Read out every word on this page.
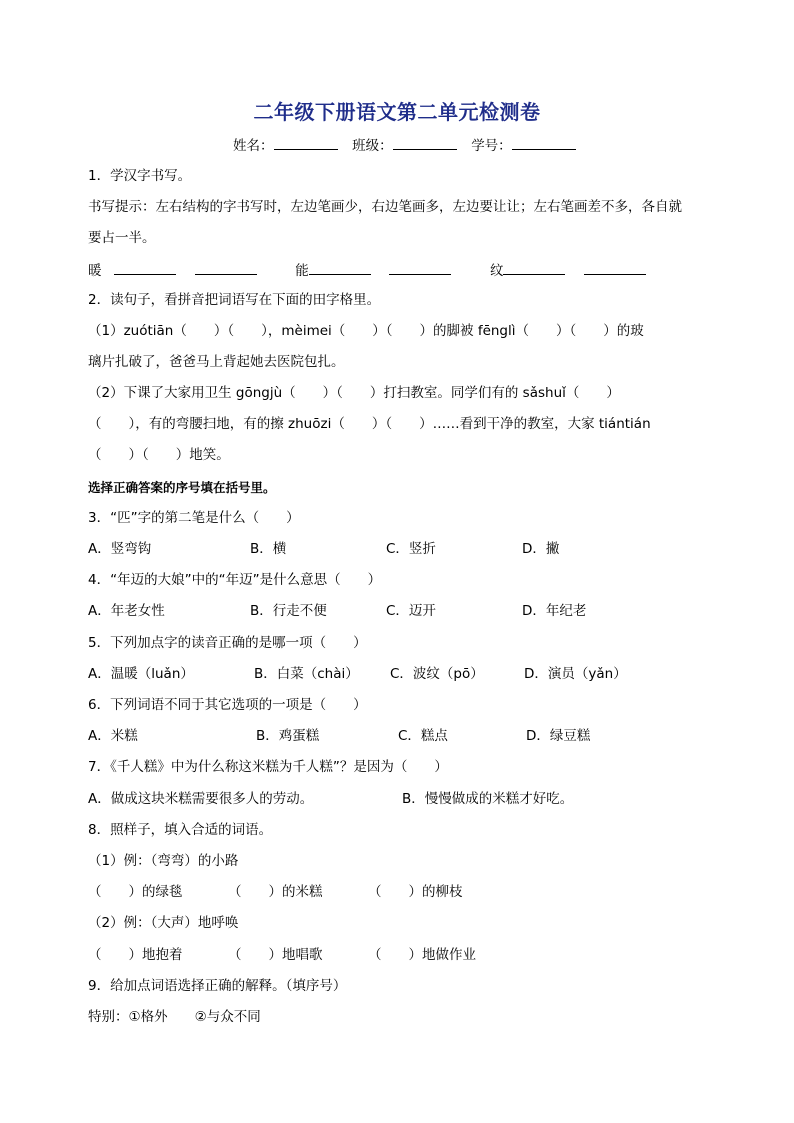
二年级下册语文第二单元检测卷
姓名：	班级：	学号：
1．学汉字书写。
书写提示：左右结构的字书写时，左边笔画少，右边笔画多，左边要让让；左右笔画差不多，各自就
要占一半。
暖	能	纹
2．读句子，看拼音把词语写在下面的田字格里。
（1）zuótiān（　　）（　　），mèimei（　　）（　　）的脚被 fēnglì（　　）（　　）的玻
璃片扎破了，爸爸马上背起她去医院包扎。
（2）下课了大家用卫生 gōngjù（　　）（　　）打扫教室。同学们有的 sǎshuǐ（　　）
（　　），有的弯腰扫地，有的擦 zhuōzi（　　）（　　）……看到干净的教室，大家 tiántián
（　　）（　　）地笑。
选择正确答案的序号填在括号里。
3．“匹”字的第二笔是什么（　　）
A．竖弯钩	B．横	C．竖折	D．撇
4．“年迈的大娘”中的“年迈”是什么意思（　　）
A．年老女性	B．行走不便	C．迈开	D．年纪老
5．下列加点字的读音正确的是哪一项（　　）
A．温暖（luǎn）	B．白菜（chài） C．波纹（pō）	D．演员（yǎn）
6．下列词语不同于其它选项的一项是（　　）
A．米糕	B．鸡蛋糕	C．糕点	D．绿豆糕
7．《千人糕》中为什么称这米糕为千人糕”？是因为（　　）
A．做成这块米糕需要很多人的劳动。	B．慢慢做成的米糕才好吃。
8．照样子，填入合适的词语。
（1）例：（弯弯）的小路
（　　）的绿毯	（　　）的米糕	（　　）的柳枝
（2）例：（大声）地呼唤
（　　）地抱着	（　　）地唱歌	（　　）地做作业
9．给加点词语选择正确的解释。（填序号）
特别：①格外　　②与众不同
